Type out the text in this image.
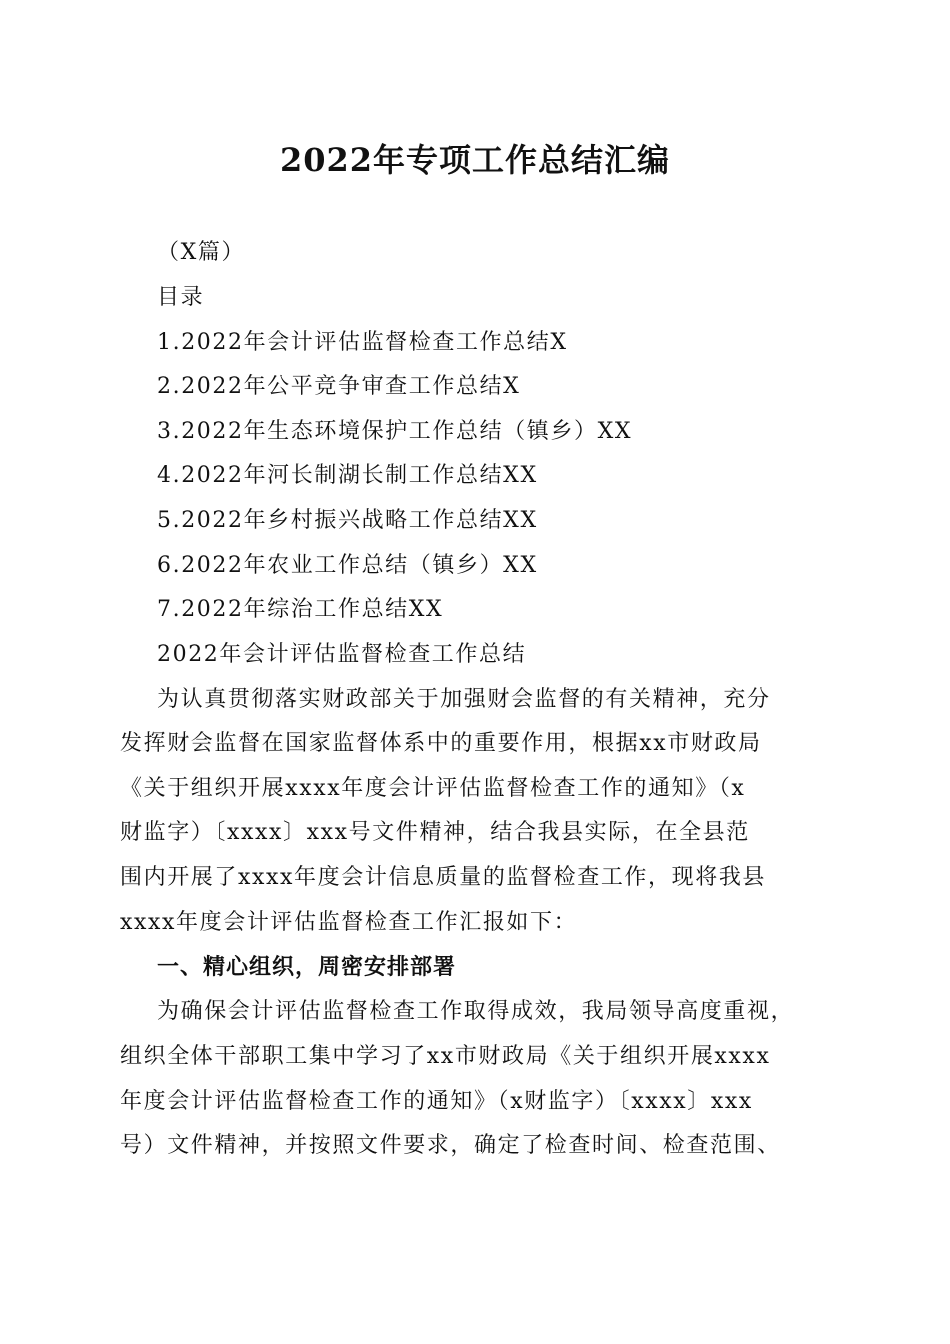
2022年专项工作总结汇编

（X篇）

目录

1.2022年会计评估监督检查工作总结X
2.2022年公平竞争审查工作总结X
3.2022年生态环境保护工作总结（镇乡）XX
4.2022年河长制湖长制工作总结XX
5.2022年乡村振兴战略工作总结XX
6.2022年农业工作总结（镇乡）XX
7.2022年综治工作总结XX

2022年会计评估监督检查工作总结

为认真贯彻落实财政部关于加强财会监督的有关精神，充分

发挥财会监督在国家监督体系中的重要作用，根据xx市财政局

《关于组织开展xxxx年度会计评估监督检查工作的通知》（x

财监字）〔xxxx〕xxx号文件精神，结合我县实际，在全县范

围内开展了xxxx年度会计信息质量的监督检查工作，现将我县

xxxx年度会计评估监督检查工作汇报如下：

一、精心组织，周密安排部署

为确保会计评估监督检查工作取得成效，我局领导高度重视，

组织全体干部职工集中学习了xx市财政局《关于组织开展xxxx

年度会计评估监督检查工作的通知》（x财监字）〔xxxx〕xxx

号）文件精神，并按照文件要求，确定了检查时间、检查范围、
